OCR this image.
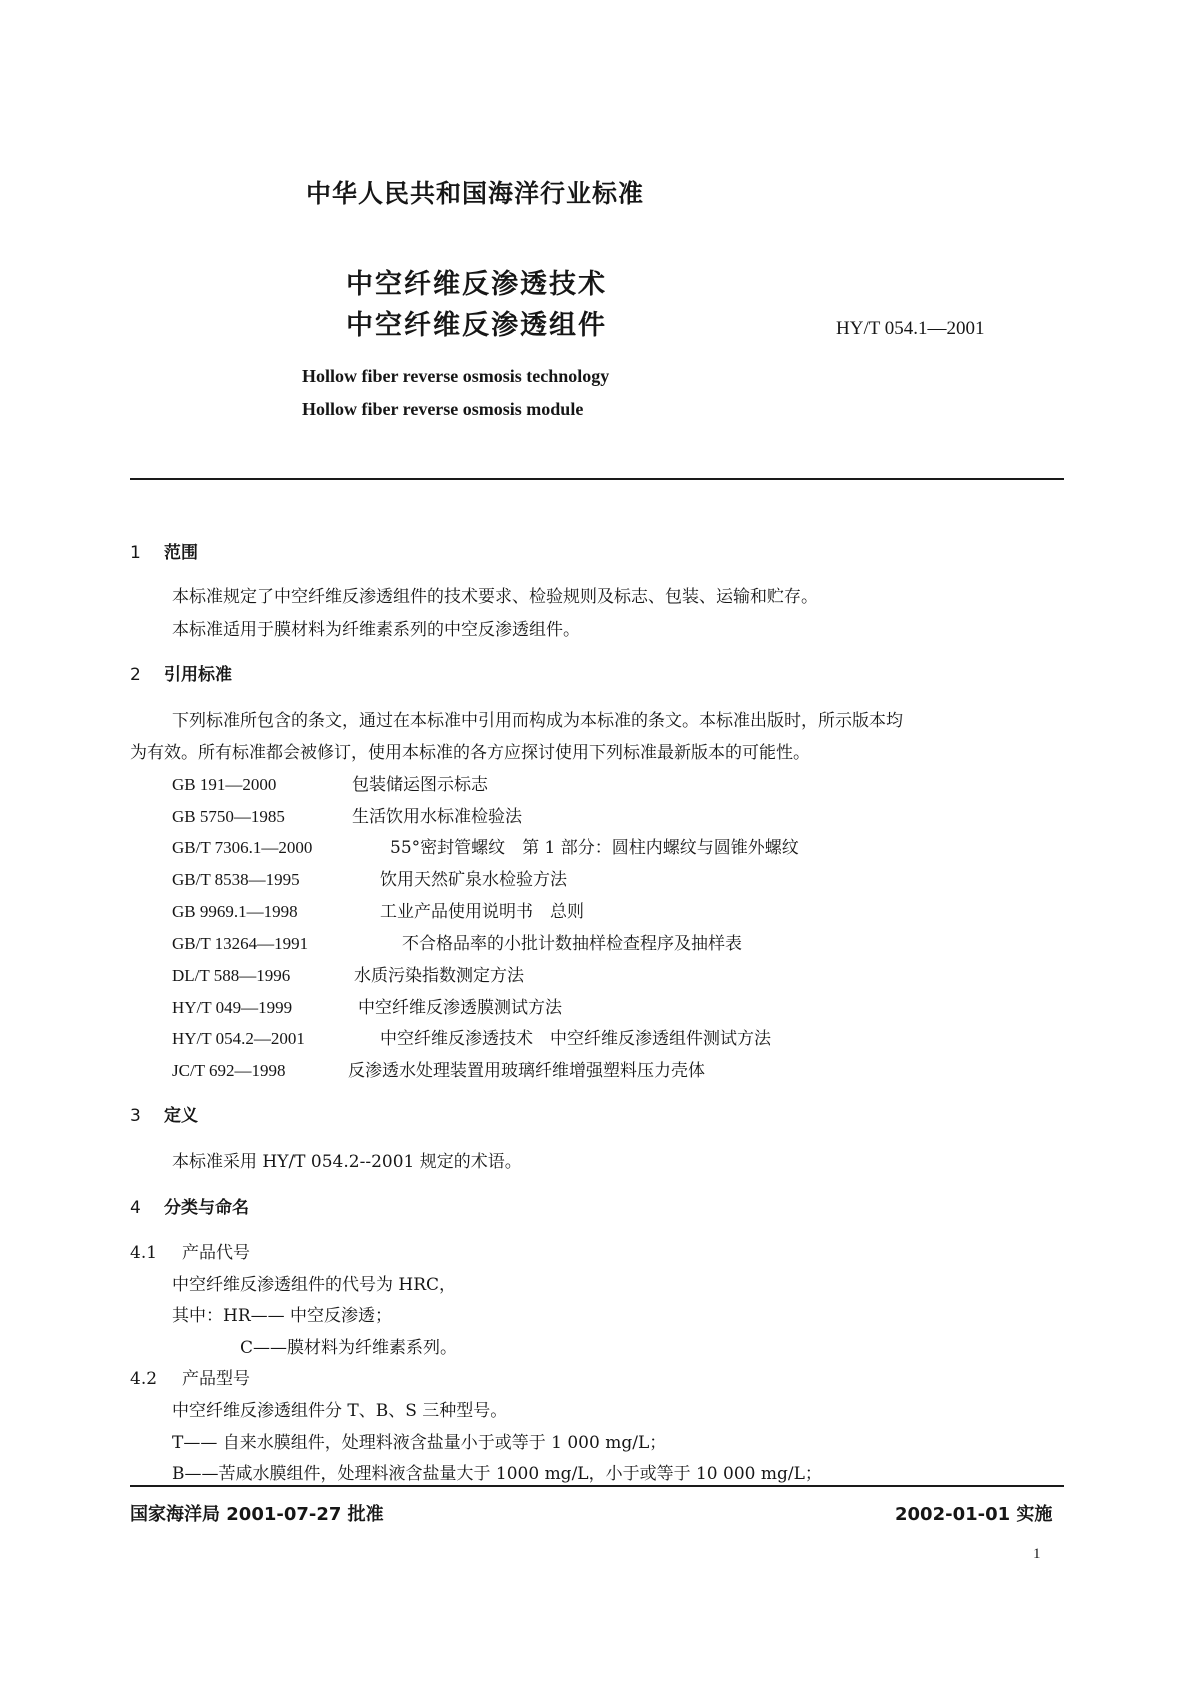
中华人民共和国海洋行业标准
中空纤维反渗透技术
中空纤维反渗透组件	HY/T 054.1—2001
Hollow fiber reverse osmosis technology
Hollow fiber reverse osmosis module
1 范围
本标准规定了中空纤维反渗透组件的技术要求、检验规则及标志、包装、运输和贮存。
本标准适用于膜材料为纤维素系列的中空反渗透组件。
2 引用标准
下列标准所包含的条文，通过在本标准中引用而构成为本标准的条文。本标准出版时，所示版本均
为有效。所有标准都会被修订，使用本标准的各方应探讨使用下列标准最新版本的可能性。
GB 191—2000	包装储运图示标志
GB 5750—1985	生活饮用水标准检验法
GB/T 7306.1—2000	55°密封管螺纹　第 1 部分：圆柱内螺纹与圆锥外螺纹
GB/T 8538—1995	饮用天然矿泉水检验方法
GB 9969.1—1998	工业产品使用说明书　总则
GB/T 13264—1991	不合格品率的小批计数抽样检查程序及抽样表
DL/T 588—1996	水质污染指数测定方法
HY/T 049—1999	中空纤维反渗透膜测试方法
HY/T 054.2—2001	中空纤维反渗透技术　中空纤维反渗透组件测试方法
JC/T 692—1998	反渗透水处理装置用玻璃纤维增强塑料压力壳体
3 定义
本标准采用 HY/T 054.2--2001 规定的术语。
4 分类与命名
4.1 产品代号
中空纤维反渗透组件的代号为 HRC，
其中：HR—— 中空反渗透；
C——膜材料为纤维素系列。
4.2 产品型号
中空纤维反渗透组件分 T、B、S 三种型号。
T—— 自来水膜组件，处理料液含盐量小于或等于 1 000 mg/L；
B——苦咸水膜组件，处理料液含盐量大于 1000 mg/L，小于或等于 10 000 mg/L；
国家海洋局 2001-07-27 批准	2002-01-01 实施
1
